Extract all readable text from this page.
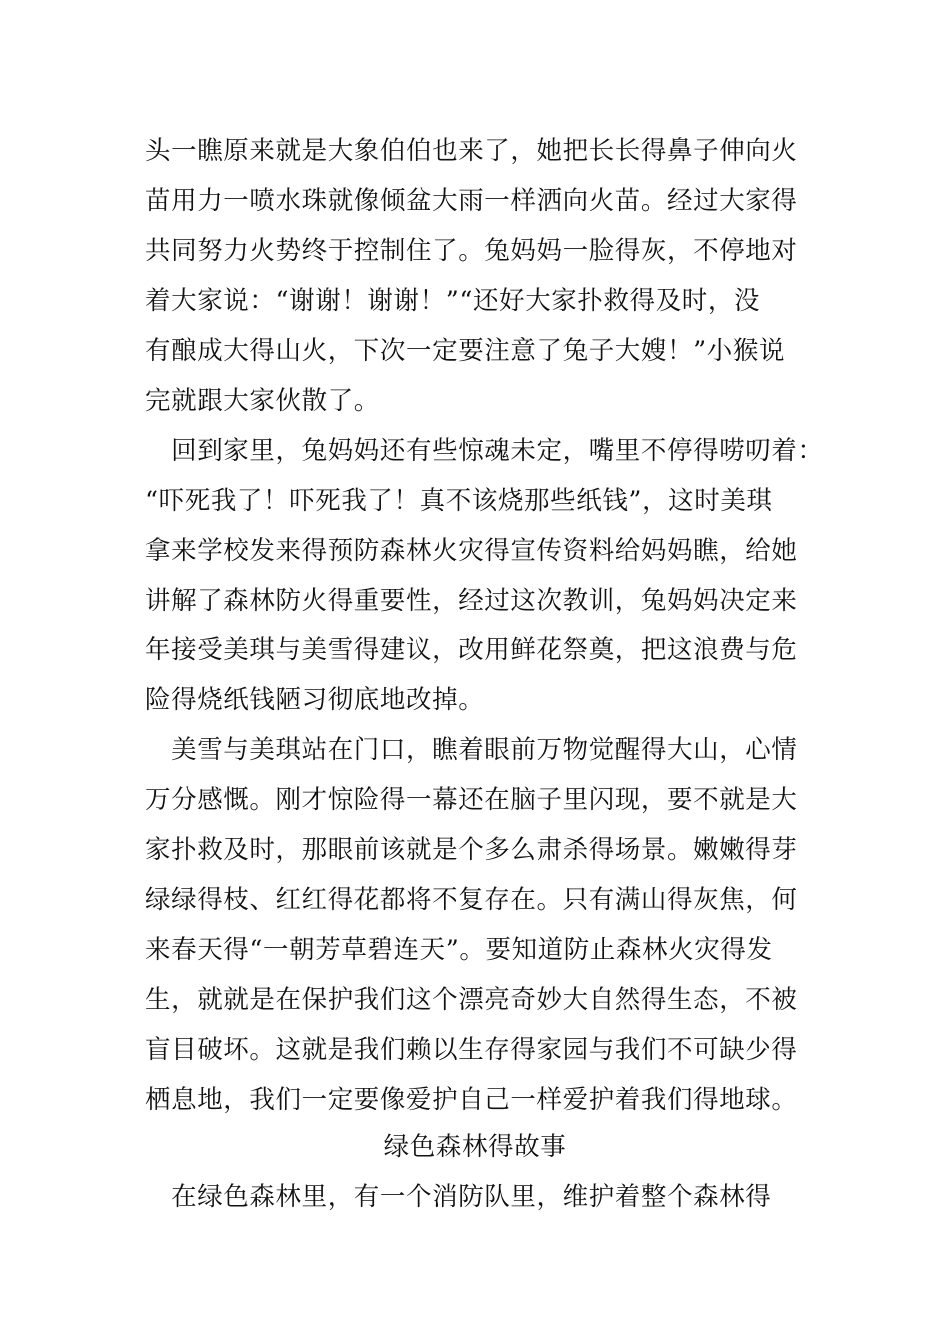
头一瞧原来就是大象伯伯也来了，她把长长得鼻子伸向火
苗用力一喷水珠就像倾盆大雨一样洒向火苗。经过大家得
共同努力火势终于控制住了。兔妈妈一脸得灰，不停地对
着大家说：“谢谢！谢谢！”“还好大家扑救得及时，没
有酿成大得山火，下次一定要注意了兔子大嫂！”小猴说
完就跟大家伙散了。
　回到家里，兔妈妈还有些惊魂未定，嘴里不停得唠叨着：
“吓死我了！吓死我了！真不该烧那些纸钱”，这时美琪
拿来学校发来得预防森林火灾得宣传资料给妈妈瞧，给她
讲解了森林防火得重要性，经过这次教训，兔妈妈决定来
年接受美琪与美雪得建议，改用鲜花祭奠，把这浪费与危
险得烧纸钱陋习彻底地改掉。
　美雪与美琪站在门口，瞧着眼前万物觉醒得大山，心情
万分感慨。刚才惊险得一幕还在脑子里闪现，要不就是大
家扑救及时，那眼前该就是个多么肃杀得场景。嫩嫩得芽
绿绿得枝、红红得花都将不复存在。只有满山得灰焦，何
来春天得“一朝芳草碧连天”。要知道防止森林火灾得发
生，就就是在保护我们这个漂亮奇妙大自然得生态，不被
盲目破坏。这就是我们赖以生存得家园与我们不可缺少得
栖息地，我们一定要像爱护自己一样爱护着我们得地球。
绿色森林得故事
　在绿色森林里，有一个消防队里，维护着整个森林得
